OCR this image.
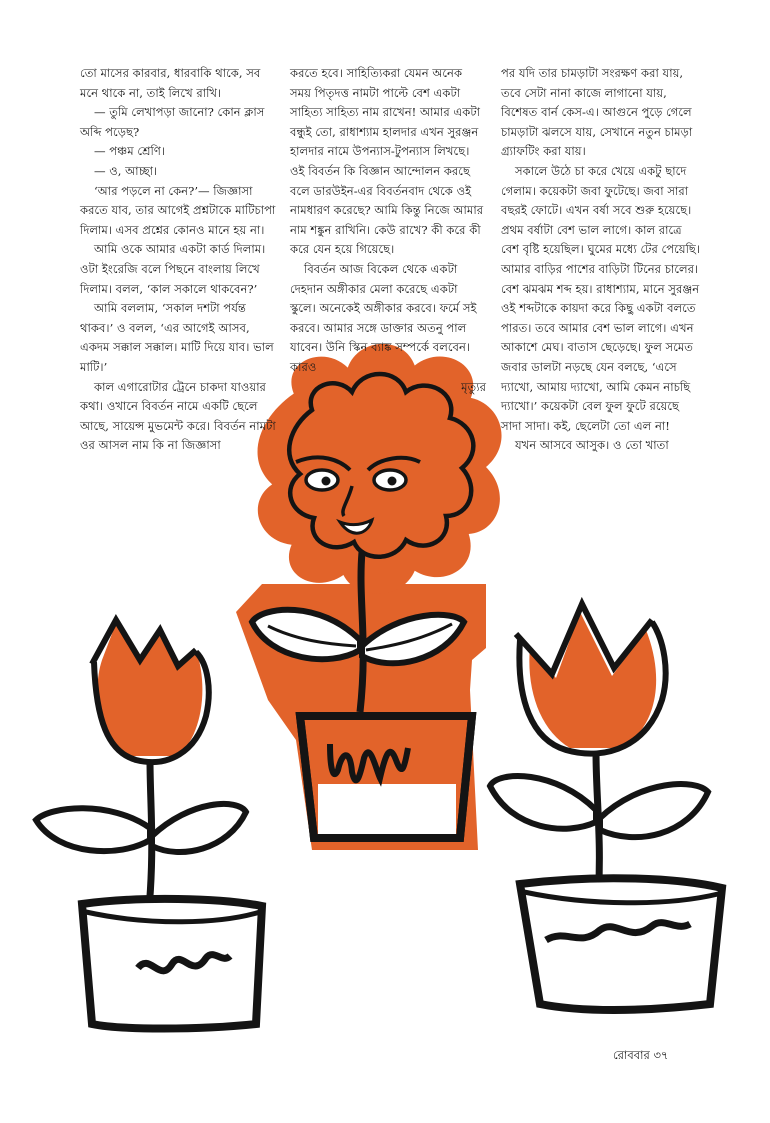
তো মাসের কারবার, ধারবাকি থাকে, সব মনে থাকে না, তাই লিখে রাখি।

— তুমি লেখাপড়া জানো? কোন ক্লাস অব্দি পড়েছ?

— পঞ্চম শ্রেণি।

— ও, আচ্ছা।

‘আর পড়লে না কেন?’— জিজ্ঞাসা করতে যাব, তার আগেই প্রশ্নটাকে মাটিচাপা দিলাম। এসব প্রশ্নের কোনও মানে হয় না।

আমি ওকে আমার একটা কার্ড দিলাম। ওটা ইংরেজি বলে পিছনে বাংলায় লিখে দিলাম। বলল, ‘কাল সকালে থাকবেন?’

আমি বললাম, ‘সকাল দশটা পর্যন্ত থাকব।’ ও বলল, ‘এর আগেই আসব, একদম সক্কাল সক্কাল। মাটি দিয়ে যাব। ভাল মাটি।’

কাল এগারোটার ট্রেনে চাকদা যাওয়ার কথা। ওখানে বিবর্তন নামে একটি ছেলে আছে, সায়েন্স মুভমেন্ট করে। বিবর্তন নামটা ওর আসল নাম কি না জিজ্ঞাসা

করতে হবে। সাহিত্যিকরা যেমন অনেক সময় পিতৃদত্ত নামটা পাল্টে বেশ একটা সাহিত্য সাহিত্য নাম রাখেন! আমার একটা বন্ধুই তো, রাধাশ্যাম হালদার এখন সুরঞ্জন হালদার নামে উপন্যাস-টুপন্যাস লিখছে। ওই বিবর্তন কি বিজ্ঞান আন্দোলন করছে বলে ডারউইন-এর বিবর্তনবাদ থেকে ওই নামধারণ করেছে? আমি কিন্তু নিজে আমার নাম শঙ্কুন রাখিনি। কেউ রাখে? কী করে কী করে যেন হয়ে গিয়েছে।

বিবর্তন আজ বিকেল থেকে একটা দেহদান অঙ্গীকার মেলা করেছে একটা স্কুলে। অনেকেই অঙ্গীকার করবে। ফর্মে সই করবে। আমার সঙ্গে ডাক্তার অতনু পাল যাবেন। উনি স্কিন ব্যাঙ্ক সম্পর্কে বলবেন। কারও

মৃত্যুর

পর যদি তার চামড়াটা সংরক্ষণ করা যায়, তবে সেটা নানা কাজে লাগানো যায়, বিশেষত বার্ন কেস-এ। আগুনে পুড়ে গেলে চামড়াটা ঝলসে যায়, সেখানে নতুন চামড়া গ্র্যাফটিং করা যায়।

সকালে উঠে চা করে খেয়ে একটু ছাদে গেলাম। কয়েকটা জবা ফুটেছে। জবা সারা বছরই ফোটে। এখন বর্ষা সবে শুরু হয়েছে। প্রথম বর্ষাটা বেশ ভাল লাগে। কাল রাত্রে বেশ বৃষ্টি হয়েছিল। ঘুমের মধ্যে টের পেয়েছি। আমার বাড়ির পাশের বাড়িটা টিনের চালের। বেশ ঝমঝম শব্দ হয়। রাধাশ্যাম, মানে সুরঞ্জন ওই শব্দটাকে কায়দা করে কিছু একটা বলতে পারত। তবে আমার বেশ ভাল লাগে। এখন আকাশে মেঘ। বাতাস ছেড়েছে। ফুল সমেত জবার ডালটা নড়ছে যেন বলছে, ‘এসে দ্যাখো, আমায় দ্যাখো, আমি কেমন নাচছি দ্যাখো।’ কয়েকটা বেল ফুল ফুটে রয়েছে সাদা সাদা। কই, ছেলেটা তো এল না!

যখন আসবে আসুক। ও তো খাতা

রোববার ৩৭
